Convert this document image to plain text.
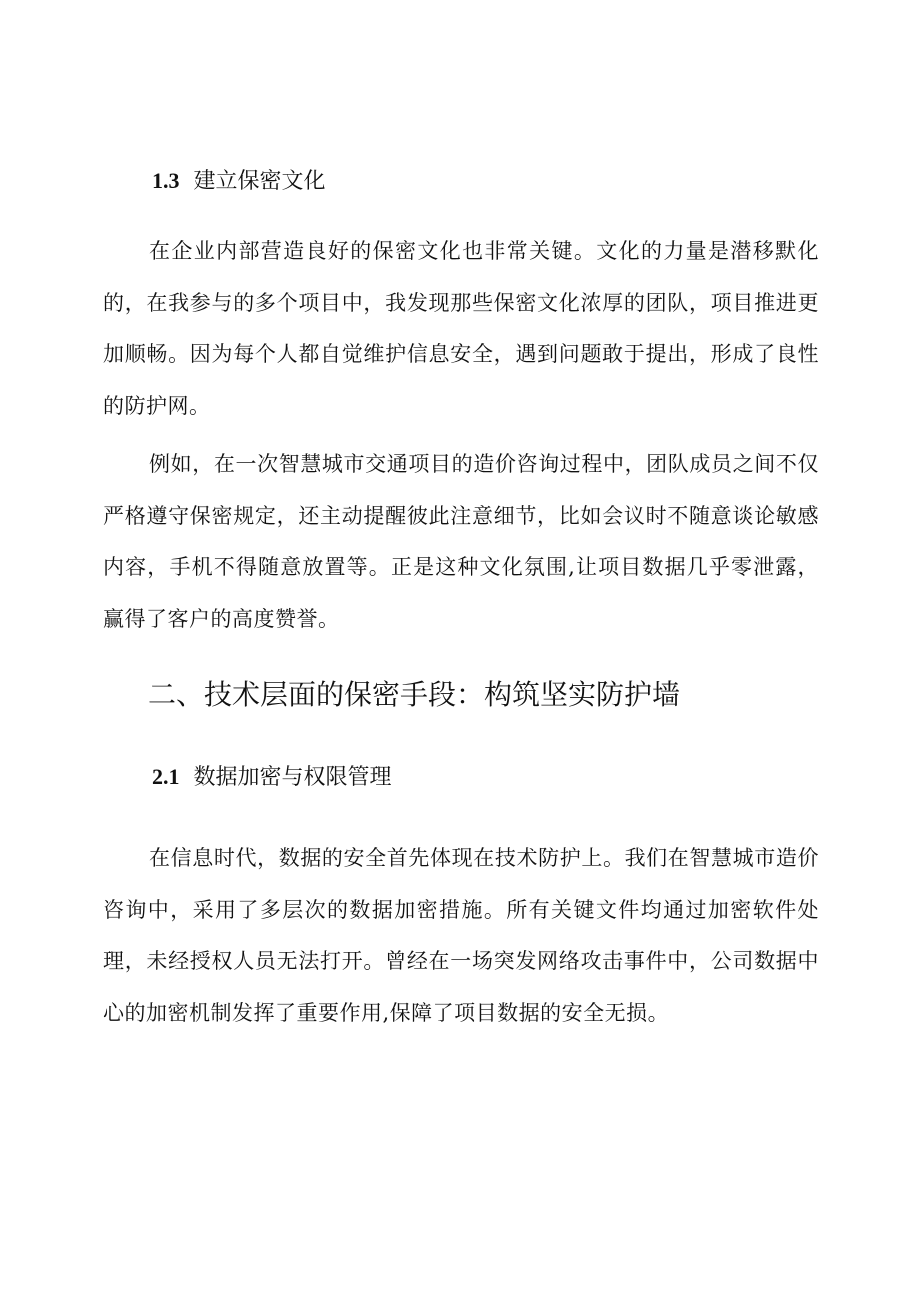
1.3 建立保密文化

在企业内部营造良好的保密文化也非常关键。文化的力量是潜移默化的，在我参与的多个项目中，我发现那些保密文化浓厚的团队，项目推进更加顺畅。因为每个人都自觉维护信息安全，遇到问题敢于提出，形成了良性的防护网。

例如，在一次智慧城市交通项目的造价咨询过程中，团队成员之间不仅严格遵守保密规定，还主动提醒彼此注意细节，比如会议时不随意谈论敏感内容，手机不得随意放置等。正是这种文化氛围,让项目数据几乎零泄露，赢得了客户的高度赞誉。

二、技术层面的保密手段：构筑坚实防护墙
2.1 数据加密与权限管理

在信息时代，数据的安全首先体现在技术防护上。我们在智慧城市造价咨询中，采用了多层次的数据加密措施。所有关键文件均通过加密软件处理，未经授权人员无法打开。曾经在一场突发网络攻击事件中，公司数据中心的加密机制发挥了重要作用,保障了项目数据的安全无损。
